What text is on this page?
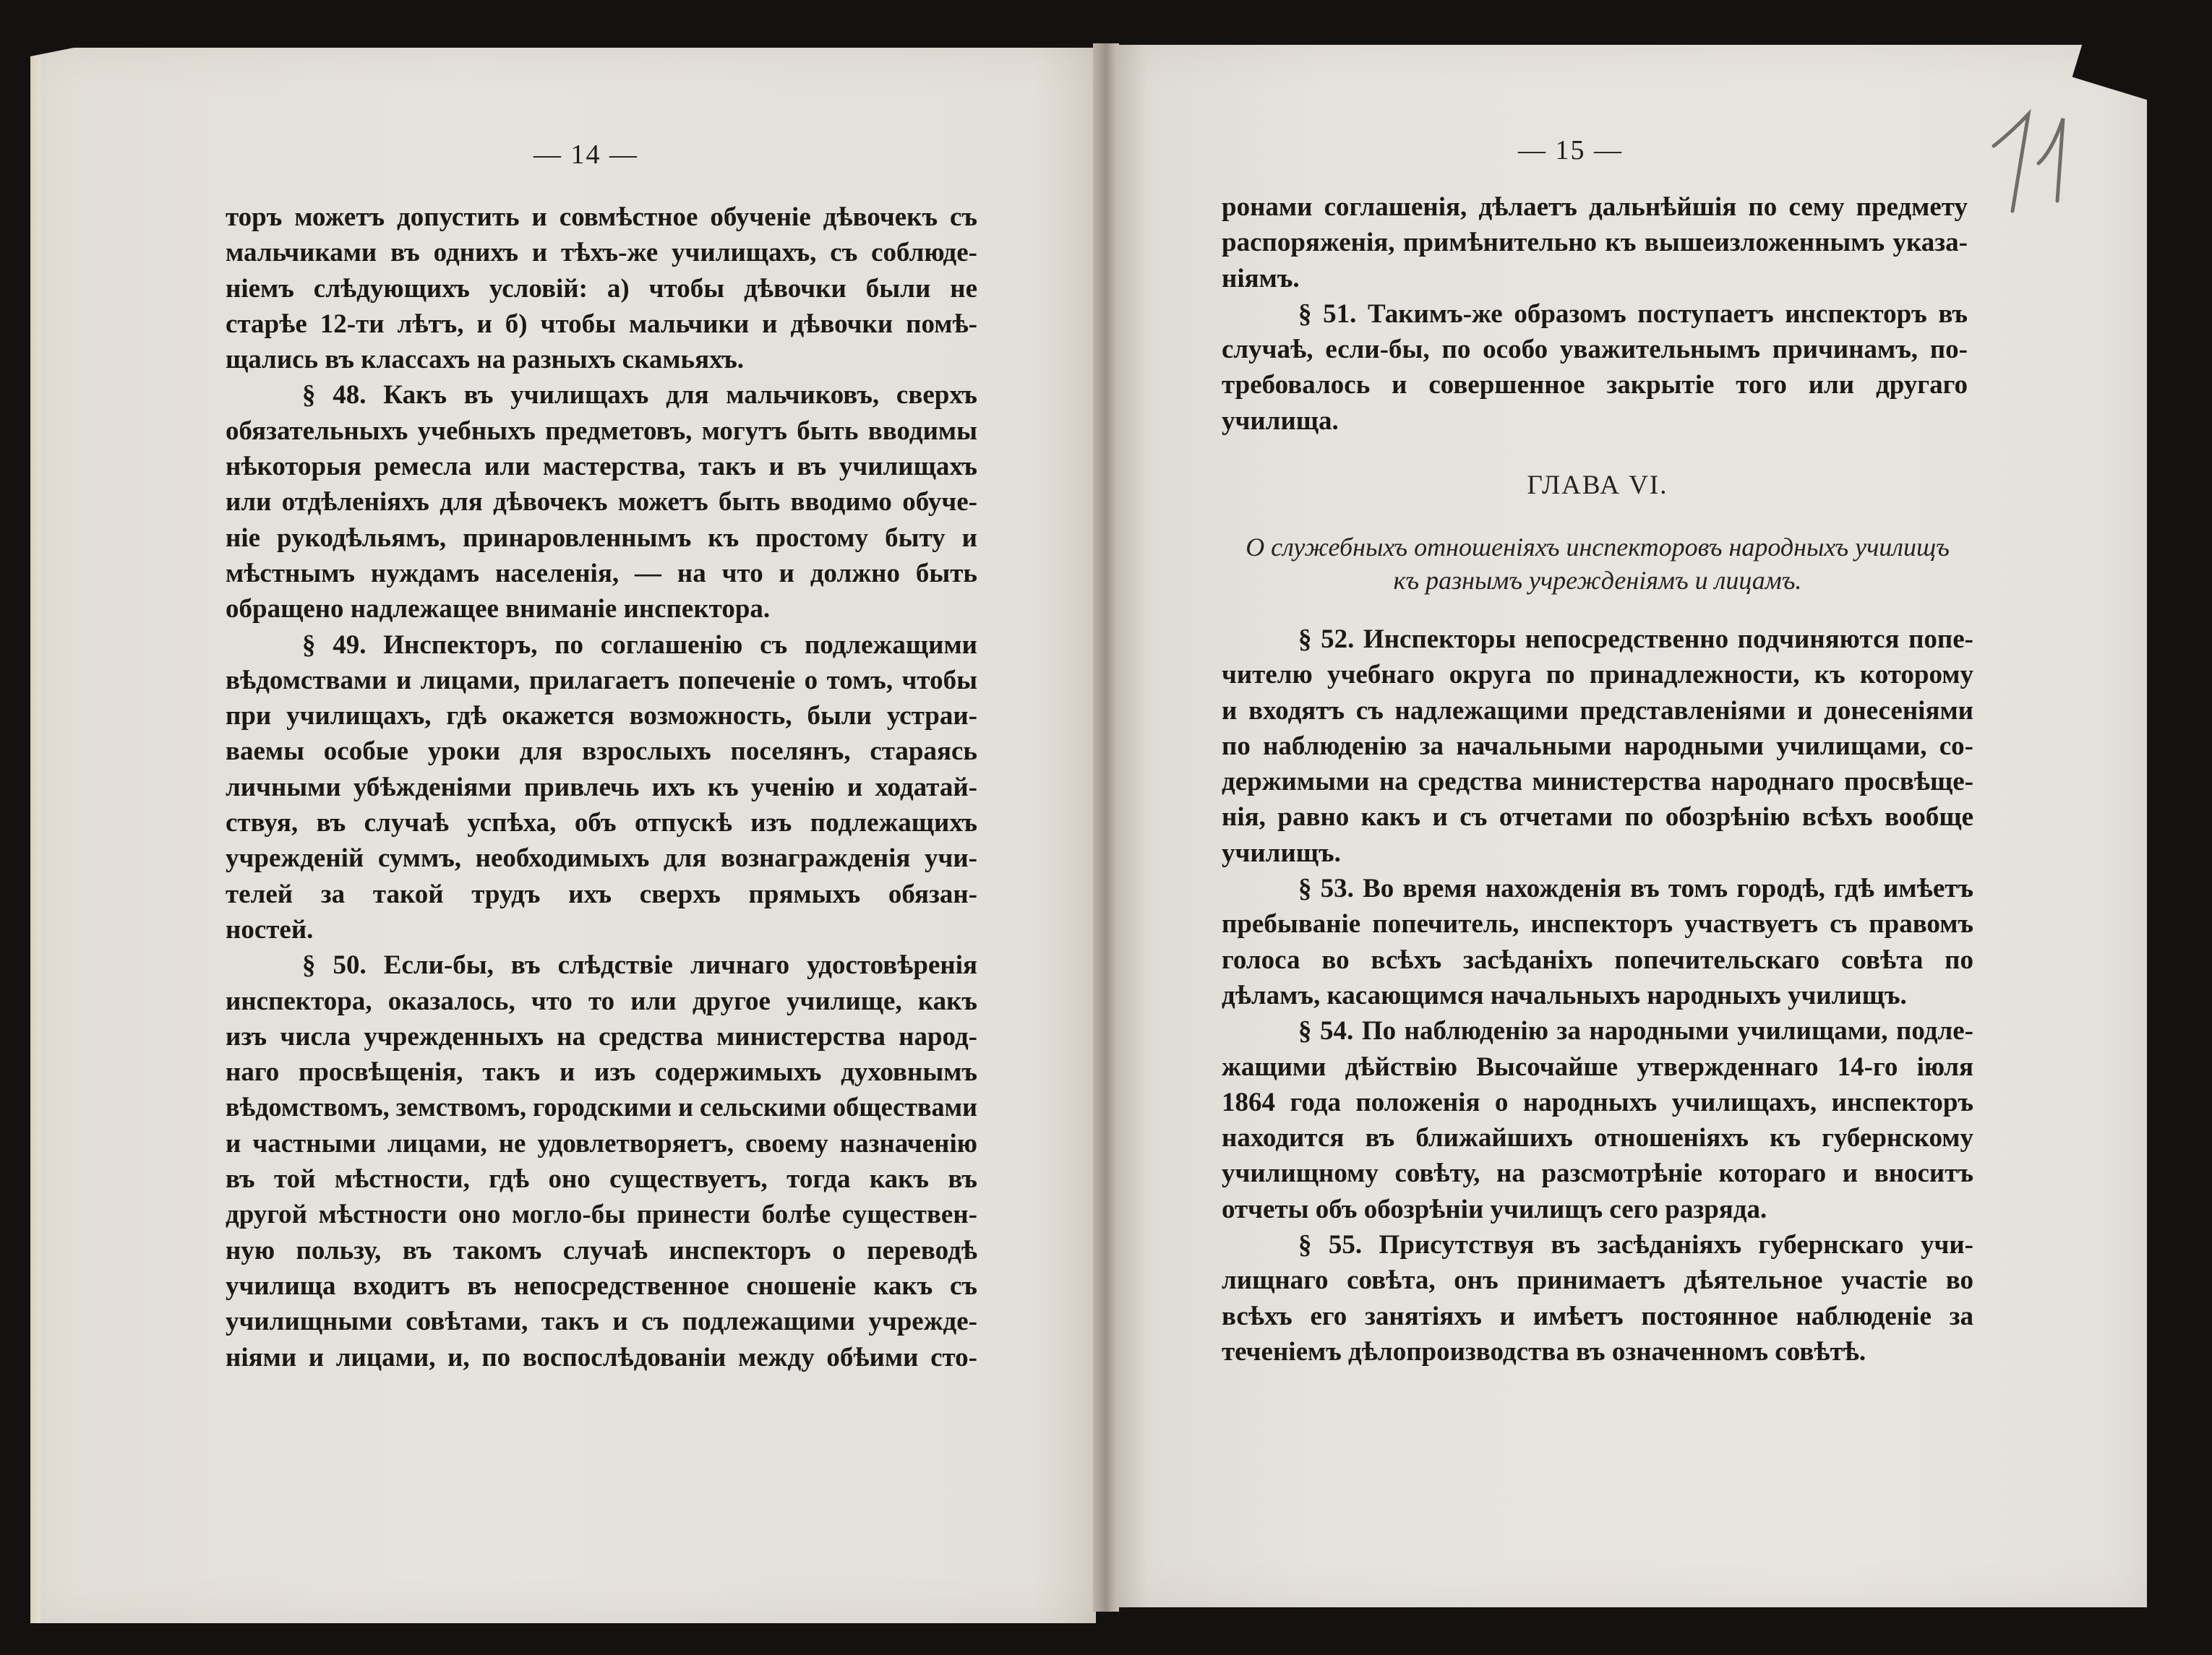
— 14 —	— 15 —
торъ можетъ допустить и совмѣстное обученіе дѣвочекъ съ
мальчиками въ однихъ и тѣхъ-же училищахъ, съ соблюде-
ніемъ слѣдующихъ условій: а) чтобы дѣвочки были не
старѣе 12-ти лѣтъ, и б) чтобы мальчики и дѣвочки помѣ-
щались въ классахъ на разныхъ скамьяхъ.
§ 48. Какъ въ училищахъ для мальчиковъ, сверхъ
обязательныхъ учебныхъ предметовъ, могутъ быть вводимы
нѣкоторыя ремесла или мастерства, такъ и въ училищахъ
или отдѣленіяхъ для дѣвочекъ можетъ быть вводимо обуче-
ніе рукодѣльямъ, принаровленнымъ къ простому быту и
мѣстнымъ нуждамъ населенія, — на что и должно быть
обращено надлежащее вниманіе инспектора.
§ 49. Инспекторъ, по соглашенію съ подлежащими
вѣдомствами и лицами, прилагаетъ попеченіе о томъ, чтобы
при училищахъ, гдѣ окажется возможность, были устраи-
ваемы особые уроки для взрослыхъ поселянъ, стараясь
личными убѣжденіями привлечь ихъ къ ученію и ходатай-
ствуя, въ случаѣ успѣха, объ отпускѣ изъ подлежащихъ
учрежденій суммъ, необходимыхъ для вознагражденія учи-
телей за такой трудъ ихъ сверхъ прямыхъ обязан-
ностей.
§ 50. Если-бы, въ слѣдствіе личнаго удостовѣренія
инспектора, оказалось, что то или другое училище, какъ
изъ числа учрежденныхъ на средства министерства народ-
наго просвѣщенія, такъ и изъ содержимыхъ духовнымъ
вѣдомствомъ, земствомъ, городскими и сельскими обществами
и частными лицами, не удовлетворяетъ, своему назначенію
въ той мѣстности, гдѣ оно существуетъ, тогда какъ въ
другой мѣстности оно могло-бы принести болѣе существен-
ную пользу, въ такомъ случаѣ инспекторъ о переводѣ
училища входитъ въ непосредственное сношеніе какъ съ
училищными совѣтами, такъ и съ подлежащими учрежде-
ніями и лицами, и, по воспослѣдованіи между обѣими сто-
ронами соглашенія, дѣлаетъ дальнѣйшія по сему предмету
распоряженія, примѣнительно къ вышеизложеннымъ указа-
ніямъ.
§ 51. Такимъ-же образомъ поступаетъ инспекторъ въ
случаѣ, если-бы, по особо уважительнымъ причинамъ, по-
требовалось и совершенное закрытіе того или другаго
училища.
ГЛАВА VI.
О служебныхъ отношеніяхъ инспекторовъ народныхъ училищъ
къ разнымъ учрежденіямъ и лицамъ.
§ 52. Инспекторы непосредственно подчиняются попе-
чителю учебнаго округа по принадлежности, къ которому
и входятъ съ надлежащими представленіями и донесеніями
по наблюденію за начальными народными училищами, со-
держимыми на средства министерства народнаго просвѣще-
нія, равно какъ и съ отчетами по обозрѣнію всѣхъ вообще
училищъ.
§ 53. Во время нахожденія въ томъ городѣ, гдѣ имѣетъ
пребываніе попечитель, инспекторъ участвуетъ съ правомъ
голоса во всѣхъ засѣданіхъ попечительскаго совѣта по
дѣламъ, касающимся начальныхъ народныхъ училищъ.
§ 54. По наблюденію за народными училищами, подле-
жащими дѣйствію Высочайше утвержденнаго 14-го іюля
1864 года положенія о народныхъ училищахъ, инспекторъ
находится въ ближайшихъ отношеніяхъ къ губернскому
училищному совѣту, на разсмотрѣніе котораго и вноситъ
отчеты объ обозрѣніи училищъ сего разряда.
§ 55. Присутствуя въ засѣданіяхъ губернскаго учи-
лищнаго совѣта, онъ принимаетъ дѣятельное участіе во
всѣхъ его занятіяхъ и имѣетъ постоянное наблюденіе за
теченіемъ дѣлопроизводства въ означенномъ совѣтѣ.
